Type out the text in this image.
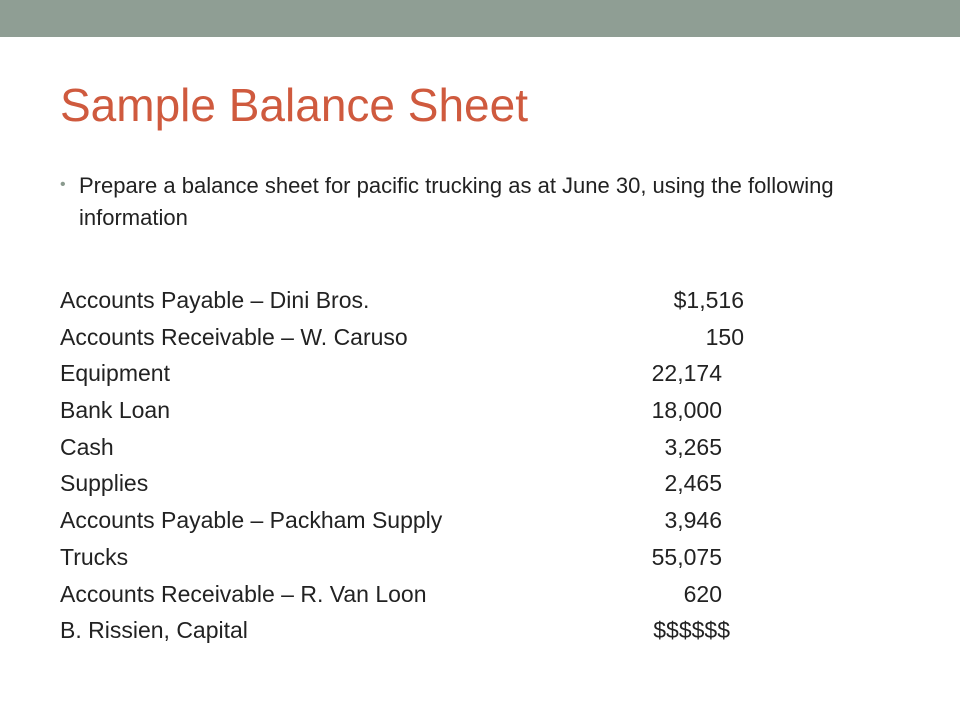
Sample Balance Sheet
• Prepare a balance sheet for pacific trucking as at June 30, using the following information
Accounts Payable – Dini Bros.	$1,516
Accounts Receivable – W. Caruso	150
Equipment	22,174
Bank Loan	18,000
Cash	3,265
Supplies	2,465
Accounts Payable – Packham Supply	3,946
Trucks	55,075
Accounts Receivable – R. Van Loon	620
B. Rissien, Capital	$$$$$$
